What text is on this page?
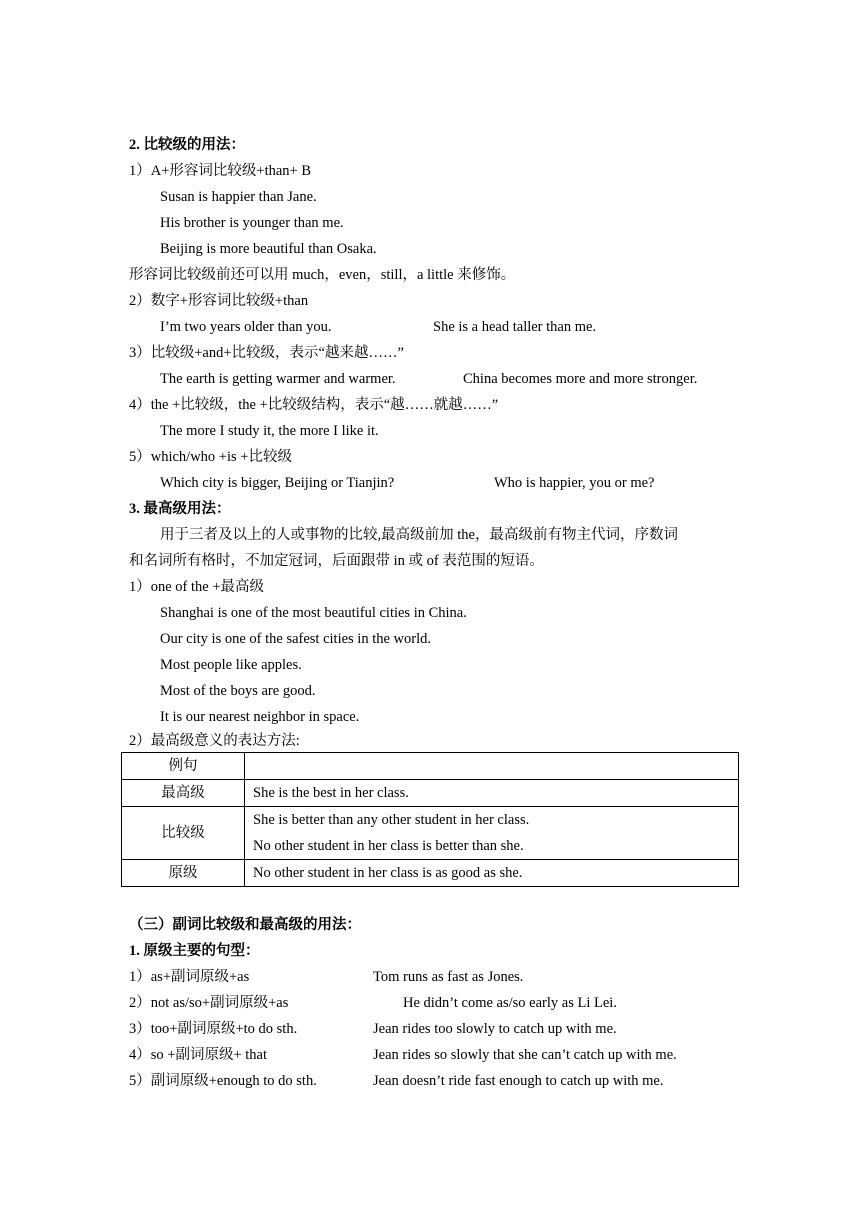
2. 比较级的用法：
1）A+形容词比较级+than+ B
Susan is happier than Jane.
His brother is younger than me.
Beijing is more beautiful than Osaka.
形容词比较级前还可以用 much，even，still，a little 来修饰。
2）数字+形容词比较级+than
I’m two years older than you.	She is a head taller than me.
3）比较级+and+比较级，表示“越来越……”
The earth is getting warmer and warmer.	China becomes more and more stronger.
4）the +比较级，the +比较级结构，表示“越……就越……”
The more I study it, the more I like it.
5）which/who +is +比较级
Which city is bigger, Beijing or Tianjin?	Who is happier, you or me?
3. 最高级用法：
用于三者及以上的人或事物的比较,最高级前加 the，最高级前有物主代词，序数词
和名词所有格时，不加定冠词，后面跟带 in 或 of 表范围的短语。
1）one of the +最高级
Shanghai is one of the most beautiful cities in China.
Our city is one of the safest cities in the world.
Most people like apples.
Most of the boys are good.
It is our nearest neighbor in space.
2）最高级意义的表达方法:
例句	
最高级	She is the best in her class.
比较级	She is better than any other student in her class.
No other student in her class is better than she.

原级	No other student in her class is as good as she.
（三）副词比较级和最高级的用法：
1. 原级主要的句型：
1）as+副词原级+as	Tom runs as fast as Jones.
2）not as/so+副词原级+as	He didn’t come as/so early as Li Lei.
3）too+副词原级+to do sth.	Jean rides too slowly to catch up with me.
4）so +副词原级+ that	Jean rides so slowly that she can’t catch up with me.
5）副词原级+enough to do sth.	Jean doesn’t ride fast enough to catch up with me.
